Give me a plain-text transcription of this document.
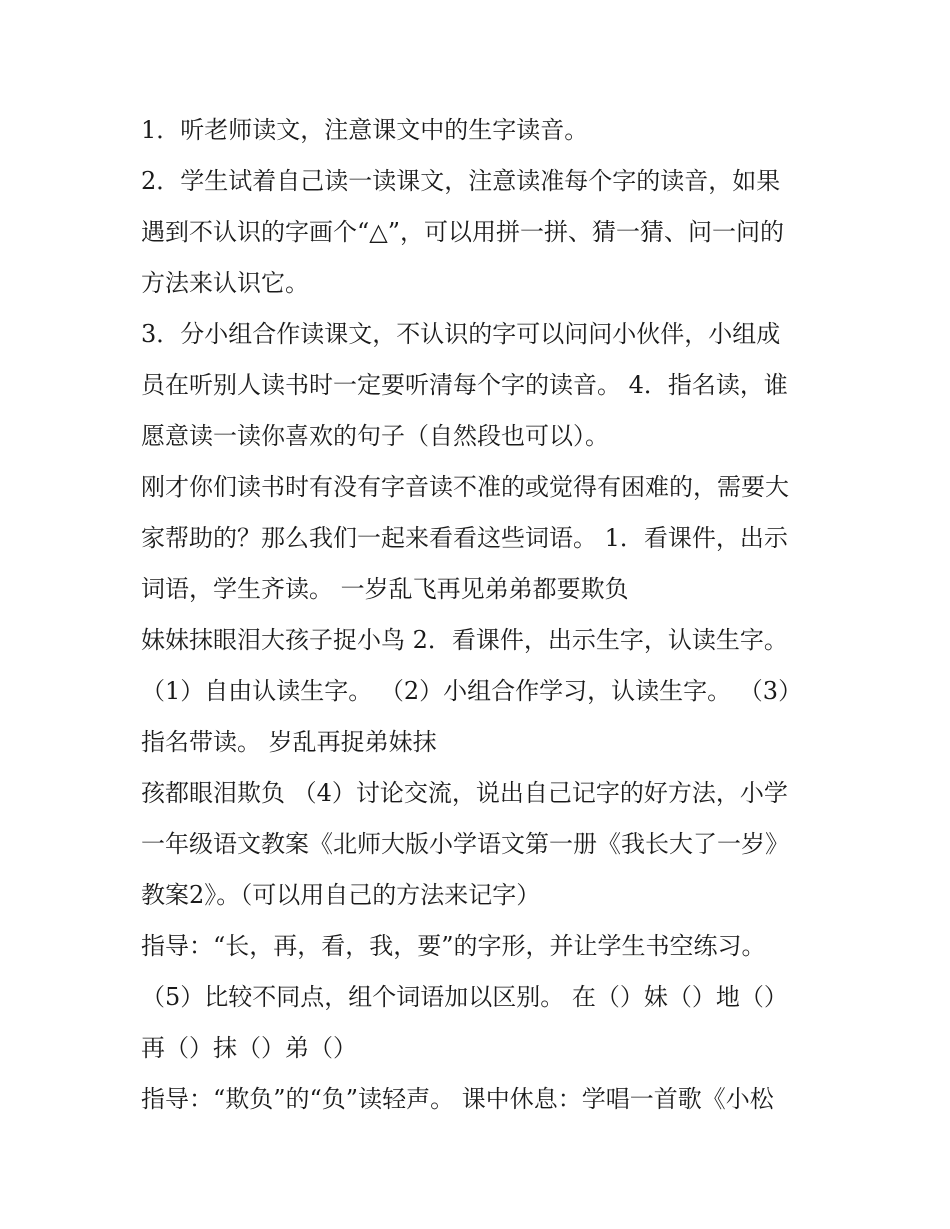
1．听老师读文，注意课文中的生字读音。
2．学生试着自己读一读课文，注意读准每个字的读音，如果
遇到不认识的字画个“△”，可以用拼一拼、猜一猜、问一问的
方法来认识它。
3．分小组合作读课文，不认识的字可以问问小伙伴，小组成
员在听别人读书时一定要听清每个字的读音。 4．指名读，谁
愿意读一读你喜欢的句子（自然段也可以）。
刚才你们读书时有没有字音读不准的或觉得有困难的，需要大
家帮助的？那么我们一起来看看这些词语。 1．看课件，出示
词语，学生齐读。 一岁乱飞再见弟弟都要欺负
妹妹抹眼泪大孩子捉小鸟 2．看课件，出示生字，认读生字。
（1）自由认读生字。 （2）小组合作学习，认读生字。 （3）
指名带读。 岁乱再捉弟妹抹
孩都眼泪欺负 （4）讨论交流，说出自己记字的好方法，小学
一年级语文教案《北师大版小学语文第一册《我长大了一岁》
教案2》。（可以用自己的方法来记字）
指导：“长，再，看，我，要”的字形，并让学生书空练习。
（5）比较不同点，组个词语加以区别。 在（）妹（）地（）
再（）抹（）弟（）
指导：“欺负”的“负”读轻声。 课中休息：学唱一首歌《小松
